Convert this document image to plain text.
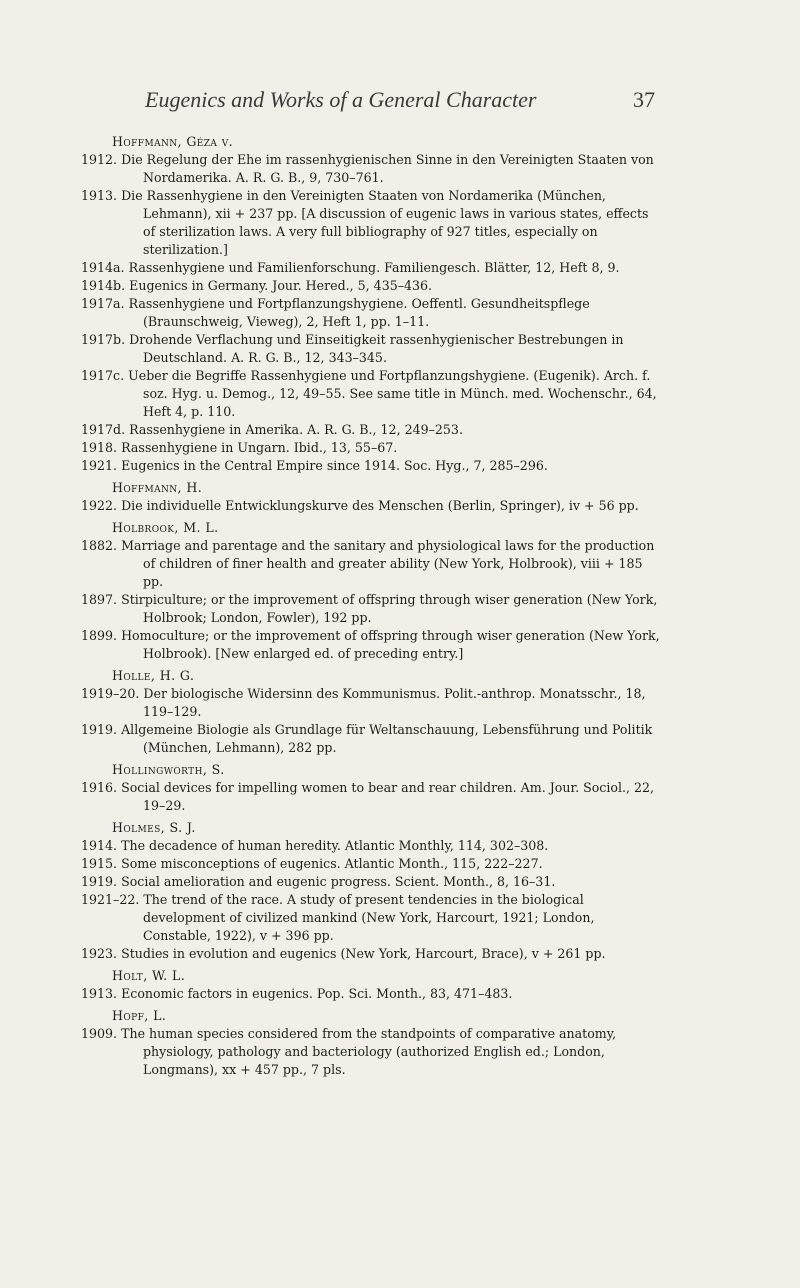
Eugenics and Works of a General Character	37
Hoffmann, Géza v.
1912. Die Regelung der Ehe im rassenhygienischen Sinne in den Vereinigten Staaten von Nordamerika. A. R. G. B., 9, 730–761.
1913. Die Rassenhygiene in den Vereinigten Staaten von Nordamerika (München, Lehmann), xii + 237 pp. [A discussion of eugenic laws in various states, effects of sterilization laws. A very full bibliography of 927 titles, especially on sterilization.]
1914a. Rassenhygiene und Familienforschung. Familiengesch. Blätter, 12, Heft 8, 9.
1914b. Eugenics in Germany. Jour. Hered., 5, 435–436.
1917a. Rassenhygiene und Fortpflanzungshygiene. Oeffentl. Gesundheitspflege (Braunschweig, Vieweg), 2, Heft 1, pp. 1–11.
1917b. Drohende Verflachung und Einseitigkeit rassenhygienischer Bestrebungen in Deutschland. A. R. G. B., 12, 343–345.
1917c. Ueber die Begriffe Rassenhygiene und Fortpflanzungshygiene. (Eugenik). Arch. f. soz. Hyg. u. Demog., 12, 49–55. See same title in Münch. med. Wochenschr., 64, Heft 4, p. 110.
1917d. Rassenhygiene in Amerika. A. R. G. B., 12, 249–253.
1918. Rassenhygiene in Ungarn. Ibid., 13, 55–67.
1921. Eugenics in the Central Empire since 1914. Soc. Hyg., 7, 285–296.
Hoffmann, H.
1922. Die individuelle Entwicklungskurve des Menschen (Berlin, Springer), iv + 56 pp.
Holbrook, M. L.
1882. Marriage and parentage and the sanitary and physiological laws for the production of children of finer health and greater ability (New York, Holbrook), viii + 185 pp.
1897. Stirpiculture; or the improvement of offspring through wiser generation (New York, Holbrook; London, Fowler), 192 pp.
1899. Homoculture; or the improvement of offspring through wiser generation (New York, Holbrook). [New enlarged ed. of preceding entry.]
Holle, H. G.
1919–20. Der biologische Widersinn des Kommunismus. Polit.-anthrop. Monatsschr., 18, 119–129.
1919. Allgemeine Biologie als Grundlage für Weltanschauung, Lebensführung und Politik (München, Lehmann), 282 pp.
Hollingworth, S.
1916. Social devices for impelling women to bear and rear children. Am. Jour. Sociol., 22, 19–29.
Holmes, S. J.
1914. The decadence of human heredity. Atlantic Monthly, 114, 302–308.
1915. Some misconceptions of eugenics. Atlantic Month., 115, 222–227.
1919. Social amelioration and eugenic progress. Scient. Month., 8, 16–31.
1921–22. The trend of the race. A study of present tendencies in the biological development of civilized mankind (New York, Harcourt, 1921; London, Constable, 1922), v + 396 pp.
1923. Studies in evolution and eugenics (New York, Harcourt, Brace), v + 261 pp.
Holt, W. L.
1913. Economic factors in eugenics. Pop. Sci. Month., 83, 471–483.
Hopf, L.
1909. The human species considered from the standpoints of comparative anatomy, physiology, pathology and bacteriology (authorized English ed.; London, Longmans), xx + 457 pp., 7 pls.
